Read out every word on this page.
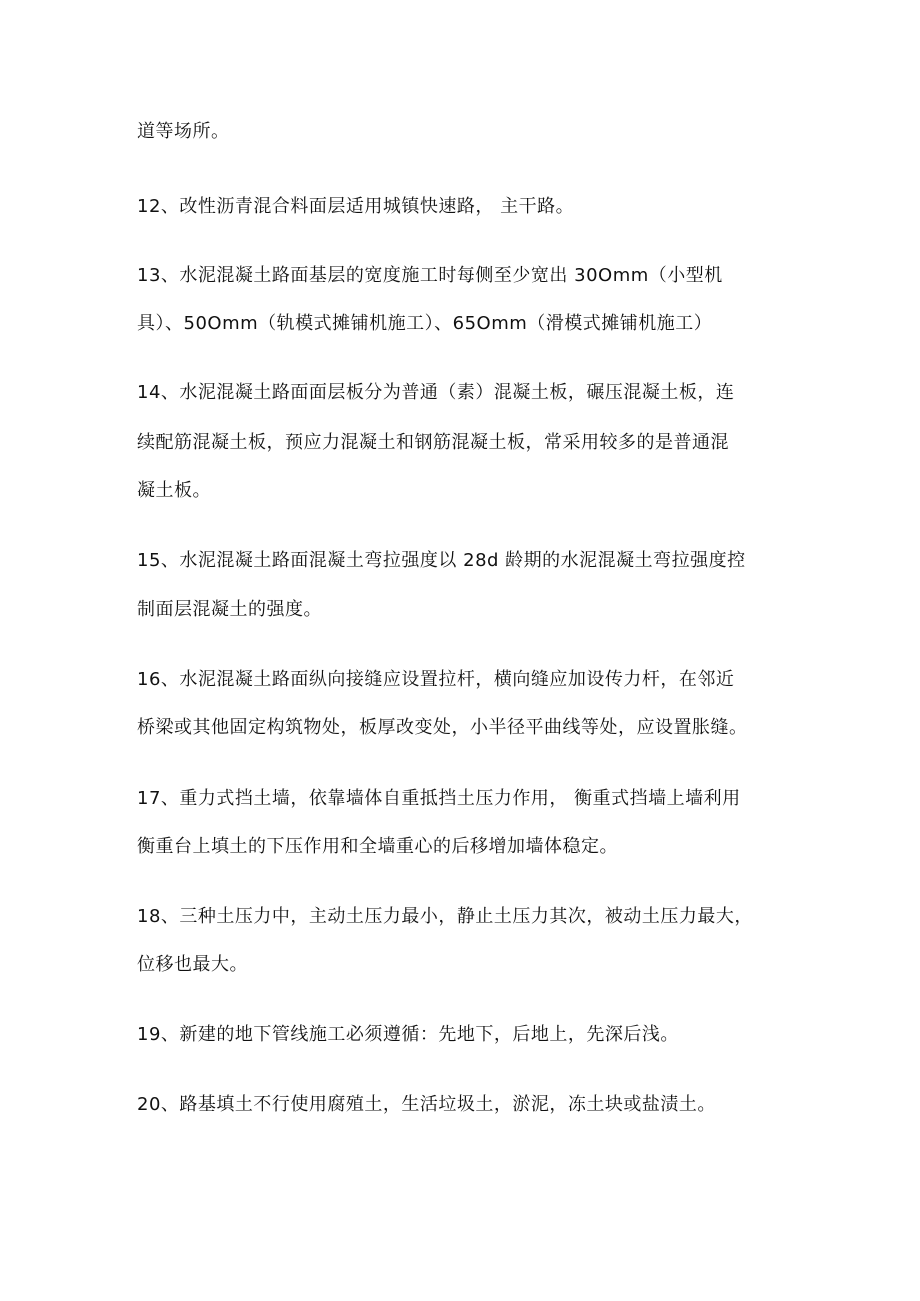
道等场所。

12、改性沥青混合料面层适用城镇快速路， 主干路。

13、水泥混凝土路面基层的宽度施工时每侧至少宽出 30Omm（小型机

具）、50Omm（轨模式摊铺机施工）、65Omm（滑模式摊铺机施工）

14、水泥混凝土路面面层板分为普通（素）混凝土板，碾压混凝土板，连

续配筋混凝土板，预应力混凝土和钢筋混凝土板，常采用较多的是普通混

凝土板。

15、水泥混凝土路面混凝土弯拉强度以 28d 龄期的水泥混凝土弯拉强度控

制面层混凝土的强度。

16、水泥混凝土路面纵向接缝应设置拉杆，横向缝应加设传力杆，在邻近

桥梁或其他固定构筑物处，板厚改变处，小半径平曲线等处，应设置胀缝。

17、重力式挡土墙，依靠墙体自重抵挡土压力作用， 衡重式挡墙上墙利用

衡重台上填土的下压作用和全墙重心的后移增加墙体稳定。

18、三种土压力中，主动土压力最小，静止土压力其次，被动土压力最大，

位移也最大。

19、新建的地下管线施工必须遵循：先地下，后地上，先深后浅。

20、路基填土不行使用腐殖土，生活垃圾土，淤泥，冻土块或盐渍土。
